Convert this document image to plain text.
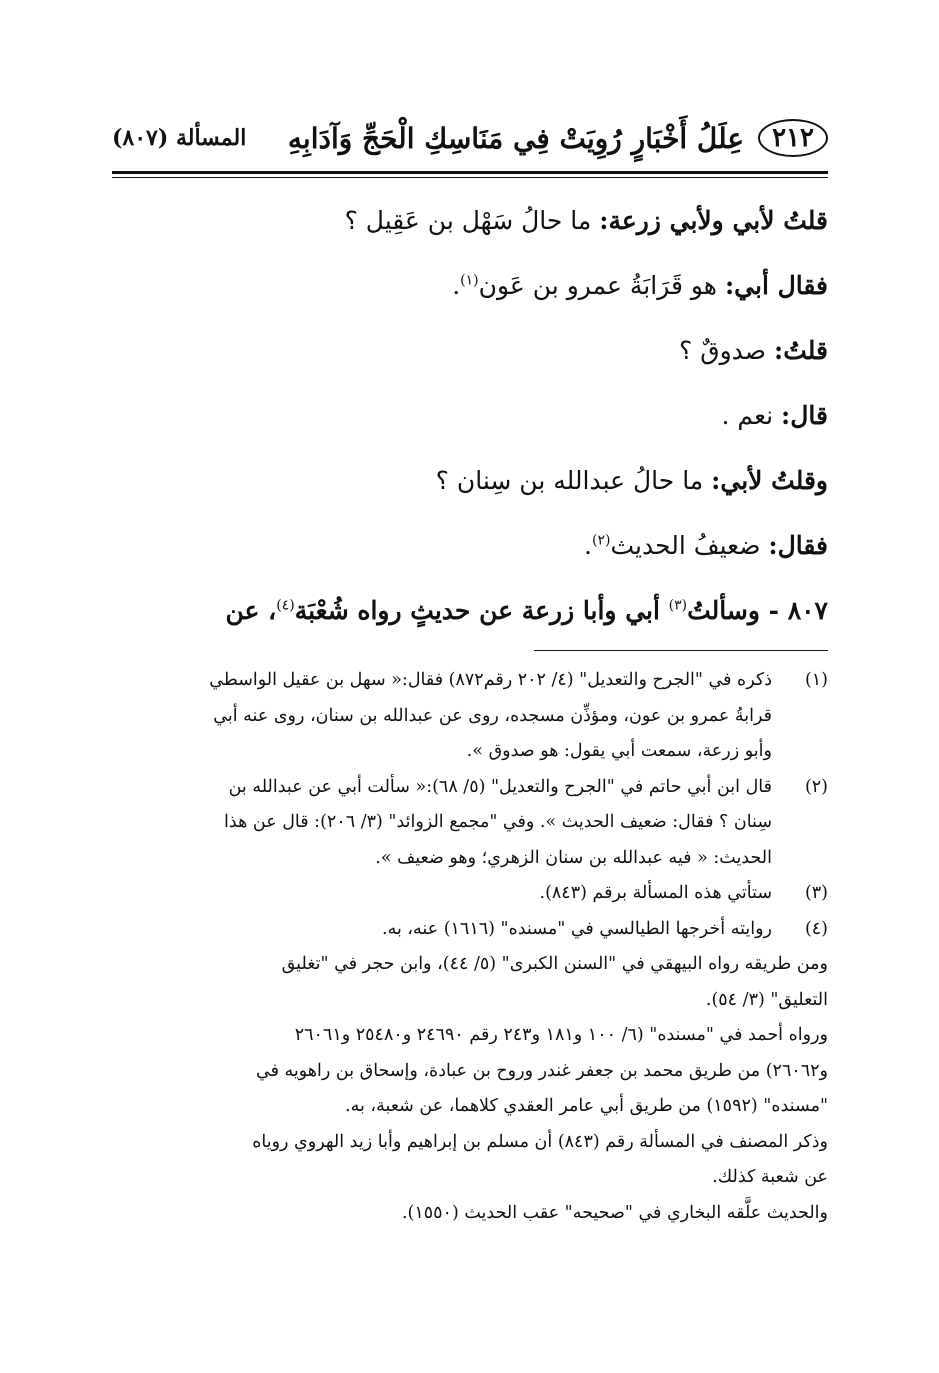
٢١٢
عِلَلُ أَخْبَارٍ رُوِيَتْ فِي مَنَاسِكِ الْحَجِّ وَآدَابِهِ
المسألة (٨٠٧)
قلتُ لأبي ولأبي زرعة: ما حالُ سَهْل بن عَقِيل ؟
فقال أبي: هو قَرَابَةُ عمرو بن عَون$^{(١)}$.
قلتُ: صدوقٌ ؟
قال: نعم .
وقلتُ لأبي: ما حالُ عبدالله بن سِنان ؟
فقال: ضعيفُ الحديث$^{(٢)}$.
٨٠٧ - وسألتُ$^{(٣)}$ أبي وأبا زرعة عن حديثٍ رواه شُعْبَة$^{(٤)}$، عن
(١)
ذكره في "الجرح والتعديل" (٤/ ٢٠٢ رقم٨٧٢) فقال:« سهل بن عقيل الواسطي
قرابةُ عمرو بن عون، ومؤذِّن مسجده، روى عن عبدالله بن سنان، روى عنه أبي
وأبو زرعة، سمعت أبي يقول: هو صدوق ».
(٢)
قال ابن أبي حاتم في "الجرح والتعديل" (٥/ ٦٨):« سألت أبي عن عبدالله بن
سِنان ؟ فقال: ضعيف الحديث ». وفي "مجمع الزوائد" (٣/ ٢٠٦): قال عن هذا
الحديث: « فيه عبدالله بن سنان الزهري؛ وهو ضعيف ».
(٣)
ستأتي هذه المسألة برقم (٨٤٣).
(٤)
روايته أخرجها الطيالسي في "مسنده" (١٦١٦) عنه، به.
ومن طريقه رواه البيهقي في "السنن الكبرى" (٥/ ٤٤)، وابن حجر في "تغليق
التعليق" (٣/ ٥٤).
ورواه أحمد في "مسنده" (٦/ ١٠٠ و١٨١ و٢٤٣ رقم ٢٤٦٩٠ و٢٥٤٨٠ و٢٦٠٦١
و٢٦٠٦٢) من طريق محمد بن جعفر غندر وروح بن عبادة، وإسحاق بن راهويه في
"مسنده" (١٥٩٢) من طريق أبي عامر العقدي كلاهما، عن شعبة، به.
وذكر المصنف في المسألة رقم (٨٤٣) أن مسلم بن إبراهيم وأبا زيد الهروي روياه
عن شعبة كذلك.
والحديث علَّقه البخاري في "صحيحه" عقب الحديث (١٥٥٠).
